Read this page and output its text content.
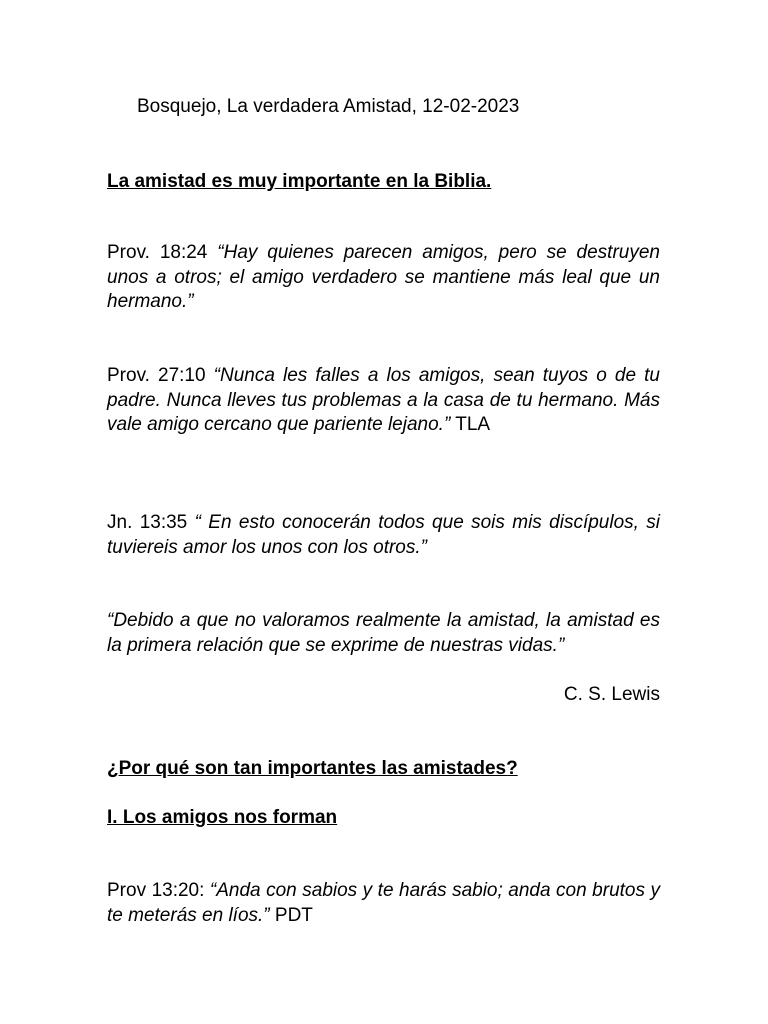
Bosquejo, La verdadera Amistad, 12-02-2023
La amistad es muy importante en la Biblia.
Prov. 18:24 “Hay quienes parecen amigos, pero se destruyen unos a otros; el amigo verdadero se mantiene más leal que un hermano.”
Prov. 27:10 “Nunca les falles a los amigos, sean tuyos o de tu padre. Nunca lleves tus problemas a la casa de tu hermano. Más vale amigo cercano que pariente lejano.” TLA
Jn. 13:35 “ En esto conocerán todos que sois mis discípulos, si tuviereis amor los unos con los otros.”
“Debido a que no valoramos realmente la amistad, la amistad es la primera relación que se exprime de nuestras vidas.”
C. S. Lewis
¿Por qué son tan importantes las amistades?
I. Los amigos nos forman
Prov 13:20: “Anda con sabios y te harás sabio; anda con brutos y te meterás en líos.” PDT
